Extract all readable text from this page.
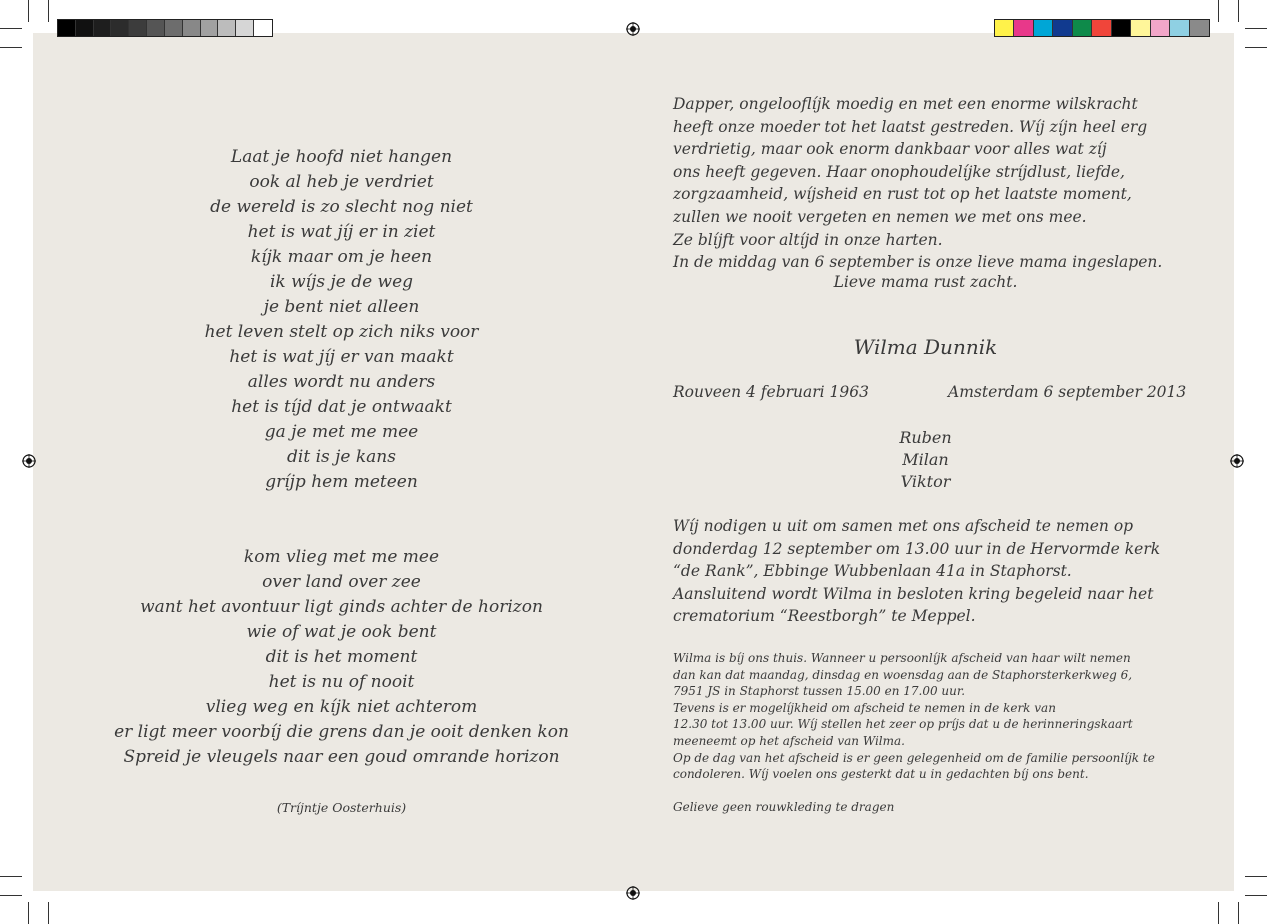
Laat je hoofd niet hangen
ook al heb je verdriet
de wereld is zo slecht nog niet
het is wat jíj er in ziet
kíjk maar om je heen
ik wíjs je de weg
je bent niet alleen
het leven stelt op zich niks voor
het is wat jíj er van maakt
alles wordt nu anders
het is tíjd dat je ontwaakt
ga je met me mee
dit is je kans
gríjp hem meteen
kom vlieg met me mee
over land over zee
want het avontuur ligt ginds achter de horizon
wie of wat je ook bent
dit is het moment
het is nu of nooit
vlieg weg en kíjk niet achterom
er ligt meer voorbíj die grens dan je ooit denken kon
Spreid je vleugels naar een goud omrande horizon
(Tríjntje Oosterhuis)
Dapper, ongelooflíjk moedig en met een enorme wilskracht
heeft onze moeder tot het laatst gestreden. Wíj zíjn heel erg
verdrietig, maar ook enorm dankbaar voor alles wat zíj
ons heeft gegeven. Haar onophoudelíjke stríjdlust, liefde,
zorgzaamheid, wíjsheid en rust tot op het laatste moment,
zullen we nooit vergeten en nemen we met ons mee.
Ze blíjft voor altíjd in onze harten.
In de middag van 6 september is onze lieve mama ingeslapen.
Lieve mama rust zacht.
Wilma Dunnik
Rouveen 4 februari 1963	Amsterdam 6 september 2013
Ruben
Milan
Viktor
Wíj nodigen u uit om samen met ons afscheid te nemen op
donderdag 12 september om 13.00 uur in de Hervormde kerk
“de Rank”, Ebbinge Wubbenlaan 41a in Staphorst.
Aansluitend wordt Wilma in besloten kring begeleid naar het
crematorium “Reestborgh” te Meppel.
Wilma is bíj ons thuis. Wanneer u persoonlíjk afscheid van haar wilt nemen
dan kan dat maandag, dinsdag en woensdag aan de Staphorsterkerkweg 6,
7951 JS in Staphorst tussen 15.00 en 17.00 uur.
Tevens is er mogelíjkheid om afscheid te nemen in de kerk van
12.30 tot 13.00 uur. Wíj stellen het zeer op príjs dat u de herinneringskaart
meeneemt op het afscheid van Wilma.
Op de dag van het afscheid is er geen gelegenheid om de familie persoonlíjk te
condoleren. Wíj voelen ons gesterkt dat u in gedachten bíj ons bent.
Gelieve geen rouwkleding te dragen
